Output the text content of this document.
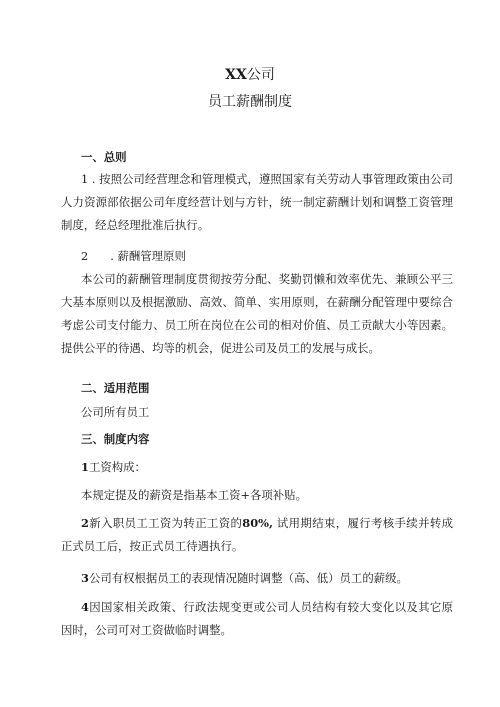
XX公司
员工薪酬制度
一、总则
1 . 按照公司经营理念和管理模式，遵照国家有关劳动人事管理政策由公司人力资源部依据公司年度经营计划与方针，统一制定薪酬计划和调整工资管理制度，经总经理批准后执行。
2 . 薪酬管理原则
本公司的薪酬管理制度贯彻按劳分配、奖勤罚懒和效率优先、兼顾公平三大基本原则以及根据激励、高效、简单、实用原则，在薪酬分配管理中要综合考虑公司支付能力、员工所在岗位在公司的相对价值、员工贡献大小等因素。提供公平的待遇、均等的机会，促进公司及员工的发展与成长。
二、适用范围
公司所有员工
三、制度内容
1工资构成：
本规定提及的薪资是指基本工资+各项补贴。
2新入职员工工资为转正工资的80%, 试用期结束，履行考核手续并转成正式员工后，按正式员工待遇执行。
3公司有权根据员工的表现情况随时调整（高、低）员工的薪级。
4因国家相关政策、行政法规变更或公司人员结构有较大变化以及其它原因时，公司可对工资做临时调整。
